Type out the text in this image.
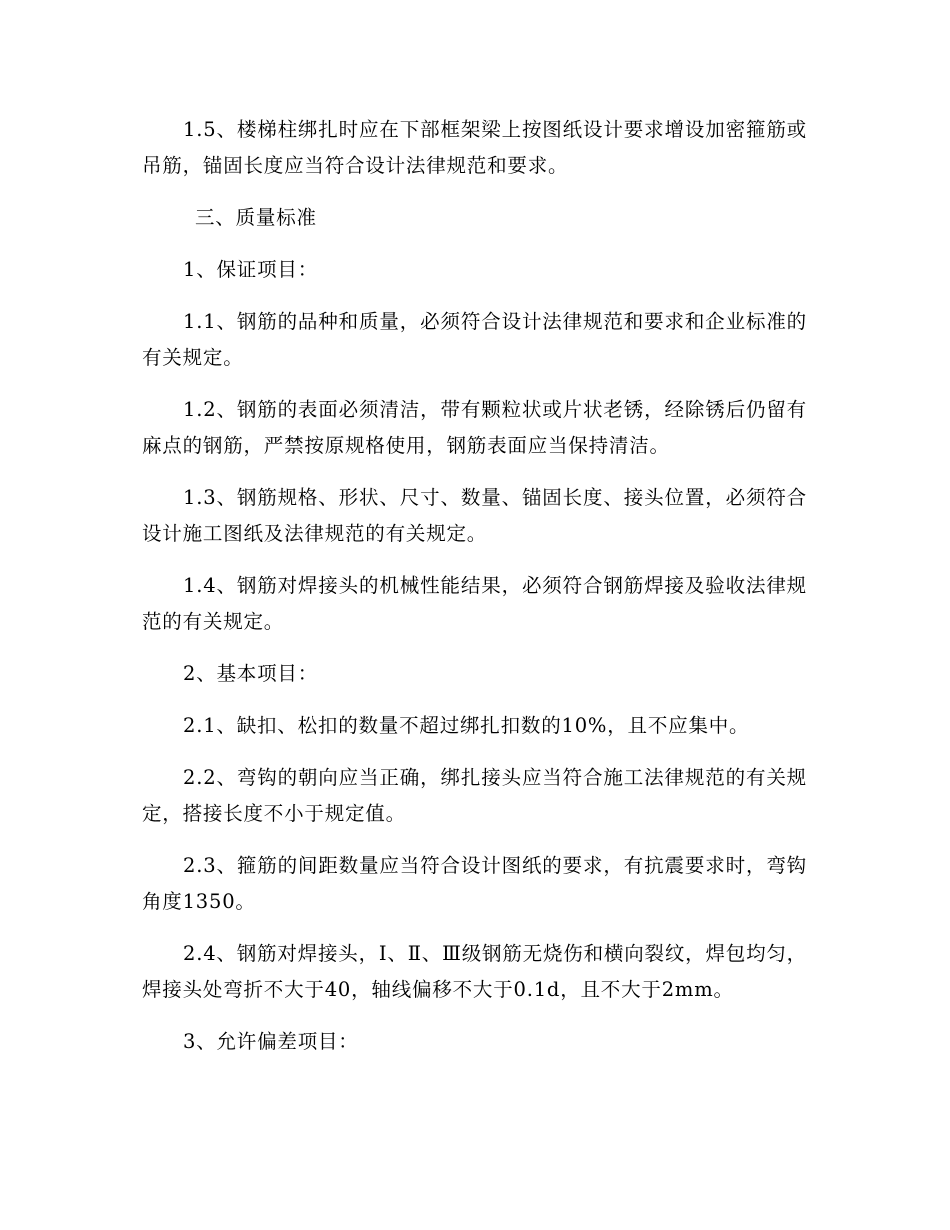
1.5、楼梯柱绑扎时应在下部框架梁上按图纸设计要求增设加密箍筋或吊筋，锚固长度应当符合设计法律规范和要求。

三、质量标准

1、保证项目：

1.1、钢筋的品种和质量，必须符合设计法律规范和要求和企业标准的有关规定。

1.2、钢筋的表面必须清洁，带有颗粒状或片状老锈，经除锈后仍留有麻点的钢筋，严禁按原规格使用，钢筋表面应当保持清洁。

1.3、钢筋规格、形状、尺寸、数量、锚固长度、接头位置，必须符合设计施工图纸及法律规范的有关规定。

1.4、钢筋对焊接头的机械性能结果，必须符合钢筋焊接及验收法律规范的有关规定。

2、基本项目：

2.1、缺扣、松扣的数量不超过绑扎扣数的10%，且不应集中。

2.2、弯钩的朝向应当正确，绑扎接头应当符合施工法律规范的有关规定，搭接长度不小于规定值。

2.3、箍筋的间距数量应当符合设计图纸的要求，有抗震要求时，弯钩角度1350。

2.4、钢筋对焊接头，Ⅰ、Ⅱ、Ⅲ级钢筋无烧伤和横向裂纹，焊包均匀，焊接头处弯折不大于40，轴线偏移不大于0.1d，且不大于2mm。

3、允许偏差项目：
